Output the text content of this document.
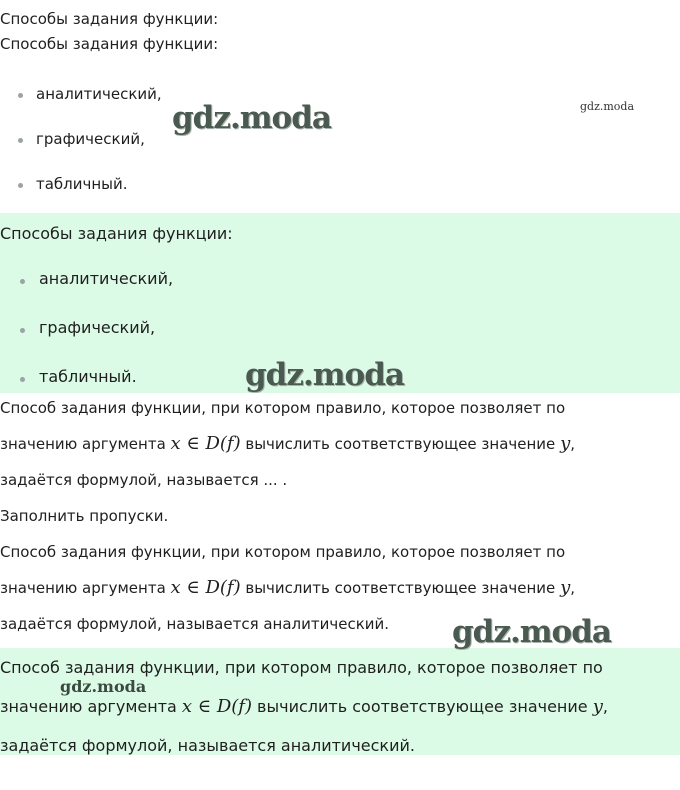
Способы задания функции:

Способы задания функции:

аналитический,
графический,
табличный.

Способы задания функции:

аналитический,
графический,
табличный.
Способ задания функции, при котором правило, которое позволяет по
значению аргумента x ∈ D(f) вычислить соответствующее значение y,
задаётся формулой, называется ... .
Заполнить пропуски.
Способ задания функции, при котором правило, которое позволяет по
значению аргумента x ∈ D(f) вычислить соответствующее значение y,
задаётся формулой, называется аналитический.
Способ задания функции, при котором правило, которое позволяет по
значению аргумента x ∈ D(f) вычислить соответствующее значение y,
задаётся формулой, называется аналитический.
gdz.moda	gdz.moda
gdz.moda
gdz.moda
gdz.moda
